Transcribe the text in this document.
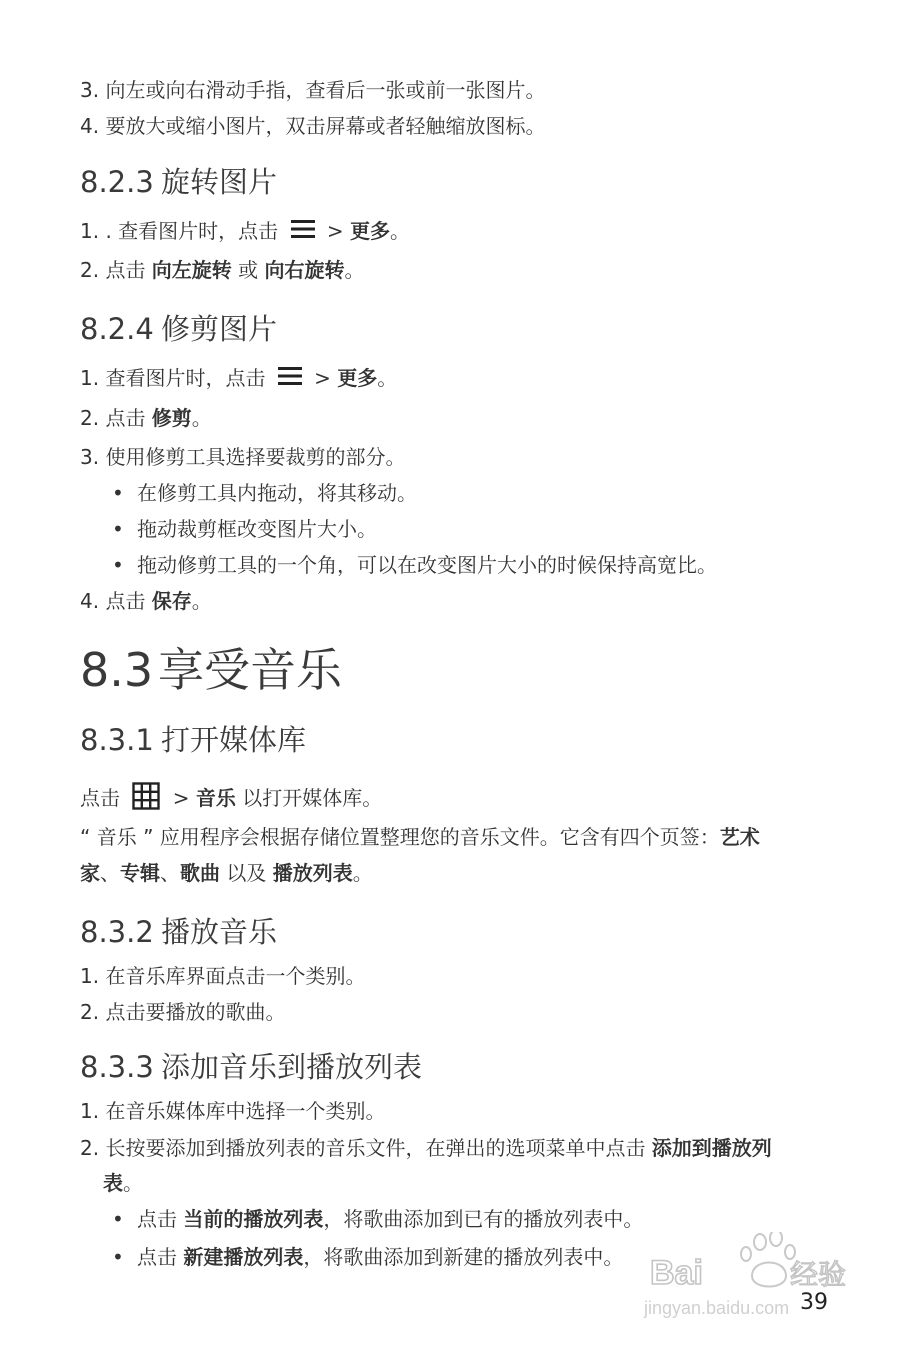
3. 向左或向右滑动手指，查看后一张或前一张图片。
4. 要放大或缩小图片，双击屏幕或者轻触缩放图标。
8.2.3 旋转图片
1. . 查看图片时，点击 > 更多。
2. 点击 向左旋转 或 向右旋转。
8.2.4 修剪图片
1. 查看图片时，点击 > 更多。
2. 点击 修剪。
3. 使用修剪工具选择要裁剪的部分。
• 在修剪工具内拖动，将其移动。
• 拖动裁剪框改变图片大小。
• 拖动修剪工具的一个角，可以在改变图片大小的时候保持高宽比。
4. 点击 保存。
8.3 享受音乐
8.3.1 打开媒体库
点击	> 音乐 以打开媒体库。
“ 音乐 ” 应用程序会根据存储位置整理您的音乐文件。它含有四个页签：艺术
家、专辑、歌曲 以及 播放列表。
8.3.2 播放音乐
1. 在音乐库界面点击一个类别。
2. 点击要播放的歌曲。
8.3.3 添加音乐到播放列表
1. 在音乐媒体库中选择一个类别。
2. 长按要添加到播放列表的音乐文件，在弹出的选项菜单中点击 添加到播放列
表。
• 点击 当前的播放列表，将歌曲添加到已有的播放列表中。
• 点击 新建播放列表，将歌曲添加到新建的播放列表中。 Bai	经验
jingyan.baidu.com 39
